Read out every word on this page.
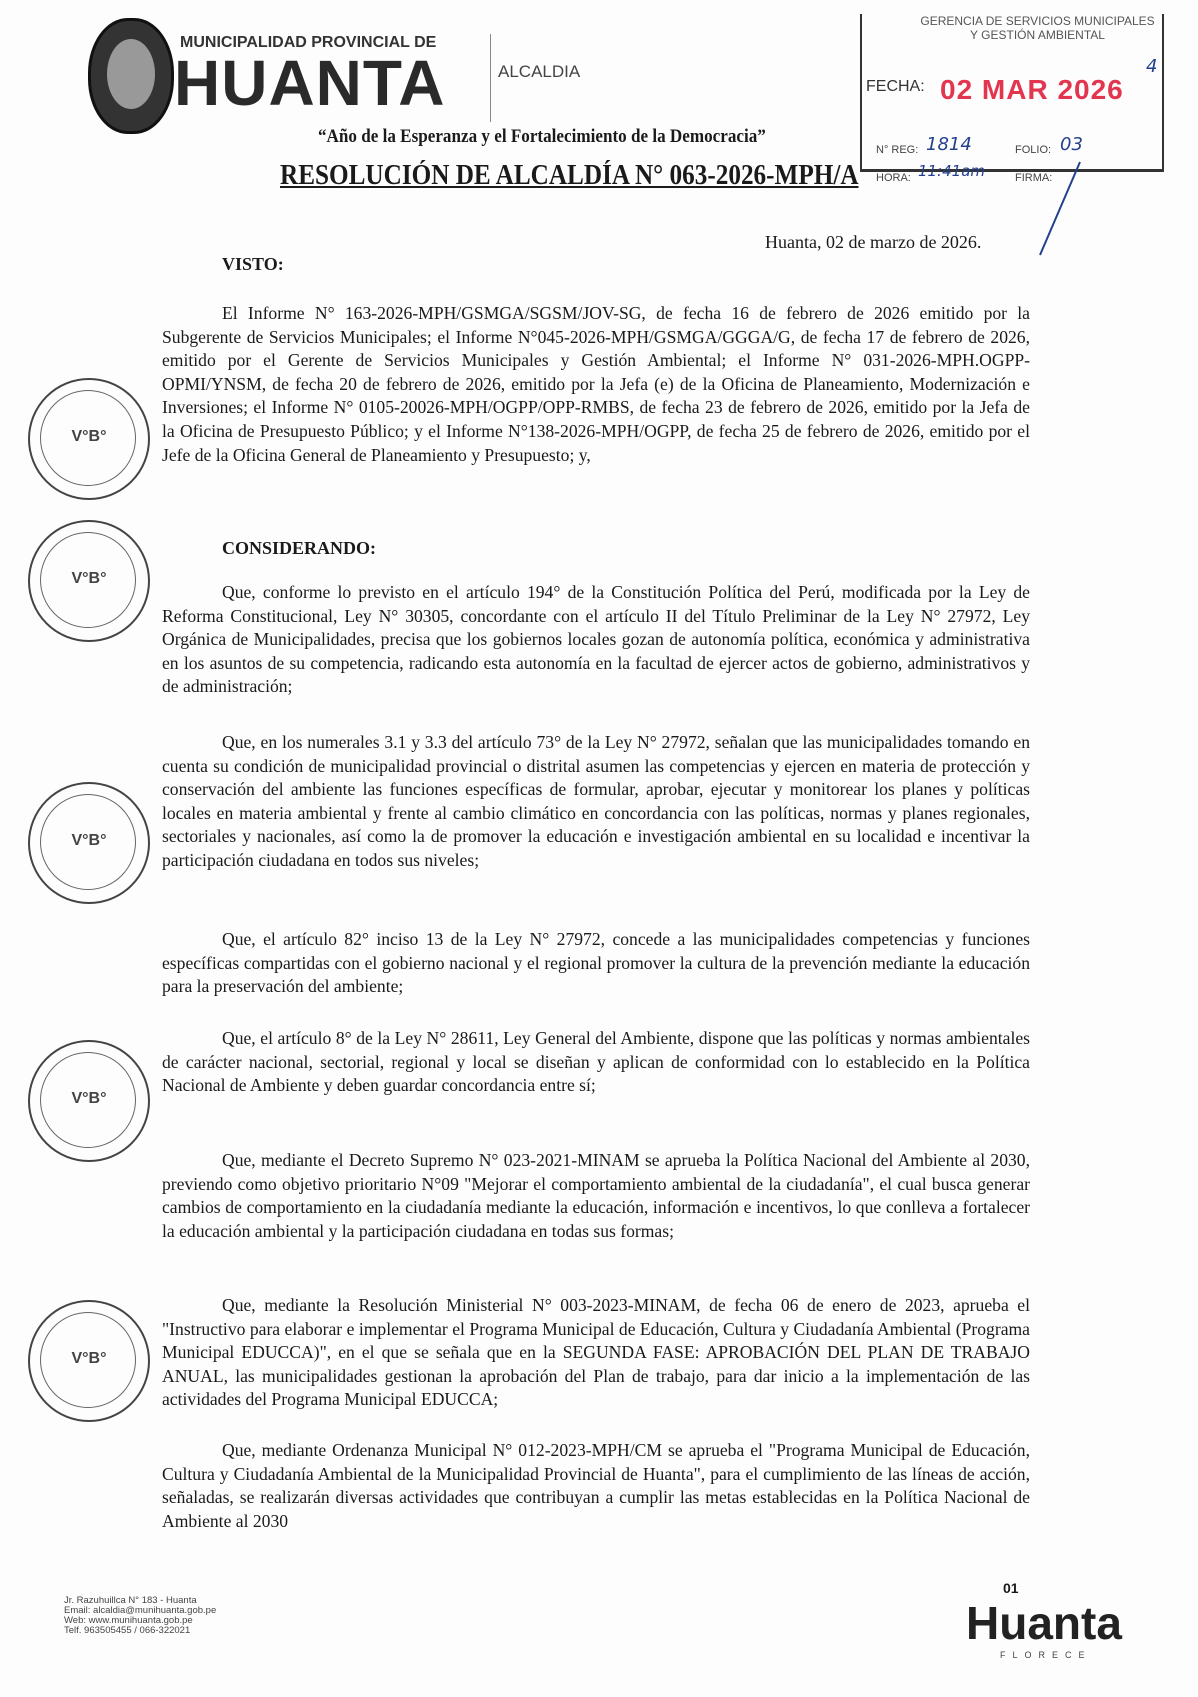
MUNICIPALIDAD PROVINCIAL DE
HUANTA	ALCALDIA
GERENCIA DE SERVICIOS MUNICIPALES Y GESTIÓN AMBIENTAL
FECHA: 02 MAR 2026
4
N° REG: 1814	FOLIO: 03
HORA: 11:41am	FIRMA:
“Año de la Esperanza y el Fortalecimiento de la Democracia”
RESOLUCIÓN DE ALCALDÍA N° 063-2026-MPH/A
Huanta, 02 de marzo de 2026.
VISTO:
El Informe N° 163-2026-MPH/GSMGA/SGSM/JOV-SG, de fecha 16 de febrero de 2026 emitido por la Subgerente de Servicios Municipales; el Informe N°045-2026-MPH/GSMGA/GGGA/G, de fecha 17 de febrero de 2026, emitido por el Gerente de Servicios Municipales y Gestión Ambiental; el Informe N° 031-2026-MPH.OGPP-OPMI/YNSM, de fecha 20 de febrero de 2026, emitido por la Jefa (e) de la Oficina de Planeamiento, Modernización e Inversiones; el Informe N° 0105-20026-MPH/OGPP/OPP-RMBS, de fecha 23 de febrero de 2026, emitido por la Jefa de la Oficina de Presupuesto Público; y el Informe N°138-2026-MPH/OGPP, de fecha 25 de febrero de 2026, emitido por el Jefe de la Oficina General de Planeamiento y Presupuesto; y,
CONSIDERANDO:
Que, conforme lo previsto en el artículo 194° de la Constitución Política del Perú, modificada por la Ley de Reforma Constitucional, Ley N° 30305, concordante con el artículo II del Título Preliminar de la Ley N° 27972, Ley Orgánica de Municipalidades, precisa que los gobiernos locales gozan de autonomía política, económica y administrativa en los asuntos de su competencia, radicando esta autonomía en la facultad de ejercer actos de gobierno, administrativos y de administración;
Que, en los numerales 3.1 y 3.3 del artículo 73° de la Ley N° 27972, señalan que las municipalidades tomando en cuenta su condición de municipalidad provincial o distrital asumen las competencias y ejercen en materia de protección y conservación del ambiente las funciones específicas de formular, aprobar, ejecutar y monitorear los planes y políticas locales en materia ambiental y frente al cambio climático en concordancia con las políticas, normas y planes regionales, sectoriales y nacionales, así como la de promover la educación e investigación ambiental en su localidad e incentivar la participación ciudadana en todos sus niveles;
Que, el artículo 82° inciso 13 de la Ley N° 27972, concede a las municipalidades competencias y funciones específicas compartidas con el gobierno nacional y el regional promover la cultura de la prevención mediante la educación para la preservación del ambiente;
Que, el artículo 8° de la Ley N° 28611, Ley General del Ambiente, dispone que las políticas y normas ambientales de carácter nacional, sectorial, regional y local se diseñan y aplican de conformidad con lo establecido en la Política Nacional de Ambiente y deben guardar concordancia entre sí;
Que, mediante el Decreto Supremo N° 023-2021-MINAM se aprueba la Política Nacional del Ambiente al 2030, previendo como objetivo prioritario N°09 "Mejorar el comportamiento ambiental de la ciudadanía", el cual busca generar cambios de comportamiento en la ciudadanía mediante la educación, información e incentivos, lo que conlleva a fortalecer la educación ambiental y la participación ciudadana en todas sus formas;
Que, mediante la Resolución Ministerial N° 003-2023-MINAM, de fecha 06 de enero de 2023, aprueba el "Instructivo para elaborar e implementar el Programa Municipal de Educación, Cultura y Ciudadanía Ambiental (Programa Municipal EDUCCA)", en el que se señala que en la SEGUNDA FASE: APROBACIÓN DEL PLAN DE TRABAJO ANUAL, las municipalidades gestionan la aprobación del Plan de trabajo, para dar inicio a la implementación de las actividades del Programa Municipal EDUCCA;
Que, mediante Ordenanza Municipal N° 012-2023-MPH/CM se aprueba el "Programa Municipal de Educación, Cultura y Ciudadanía Ambiental de la Municipalidad Provincial de Huanta", para el cumplimiento de las líneas de acción, señaladas, se realizarán diversas actividades que contribuyan a cumplir las metas establecidas en la Política Nacional de Ambiente al 2030
V°B°
V°B°
V°B°
V°B°
V°B°
Jr. Razuhuillca N° 183 - Huanta
Email: alcaldia@munihuanta.gob.pe
Web: www.munihuanta.gob.pe
Telf. 963505455 / 066-322021
01
Huanta
FLORECE
